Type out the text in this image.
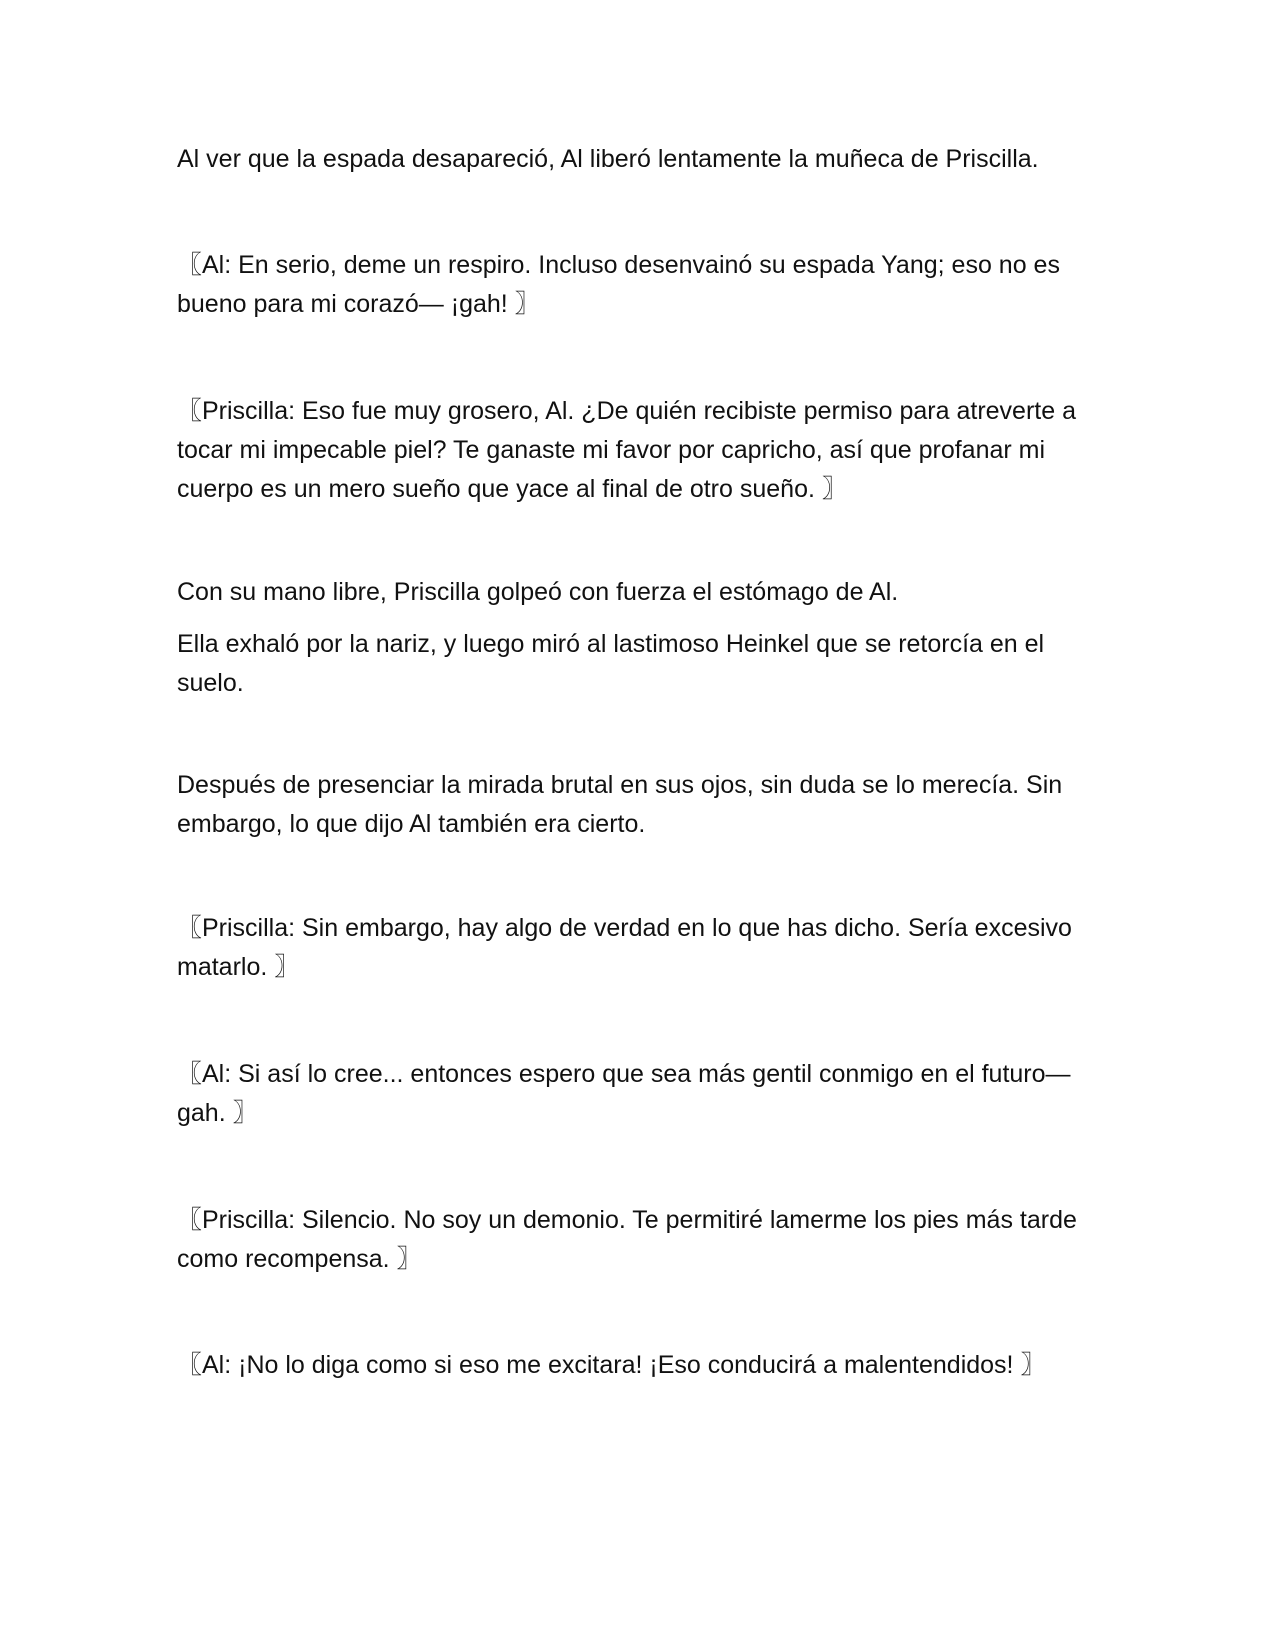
Al ver que la espada desapareció, Al liberó lentamente la muñeca de Priscilla.

〖Al: En serio, deme un respiro. Incluso desenvainó su espada Yang; eso no es bueno para mi corazó— ¡gah! 〗

〖Priscilla: Eso fue muy grosero, Al. ¿De quién recibiste permiso para atreverte a tocar mi impecable piel? Te ganaste mi favor por capricho, así que profanar mi cuerpo es un mero sueño que yace al final de otro sueño. 〗

Con su mano libre, Priscilla golpeó con fuerza el estómago de Al.

Ella exhaló por la nariz, y luego miró al lastimoso Heinkel que se retorcía en el suelo.

Después de presenciar la mirada brutal en sus ojos, sin duda se lo merecía. Sin embargo, lo que dijo Al también era cierto.

〖Priscilla: Sin embargo, hay algo de verdad en lo que has dicho. Sería excesivo matarlo. 〗

〖Al: Si así lo cree... entonces espero que sea más gentil conmigo en el futuro—gah. 〗

〖Priscilla: Silencio. No soy un demonio. Te permitiré lamerme los pies más tarde como recompensa. 〗

〖Al: ¡No lo diga como si eso me excitara! ¡Eso conducirá a malentendidos! 〗
